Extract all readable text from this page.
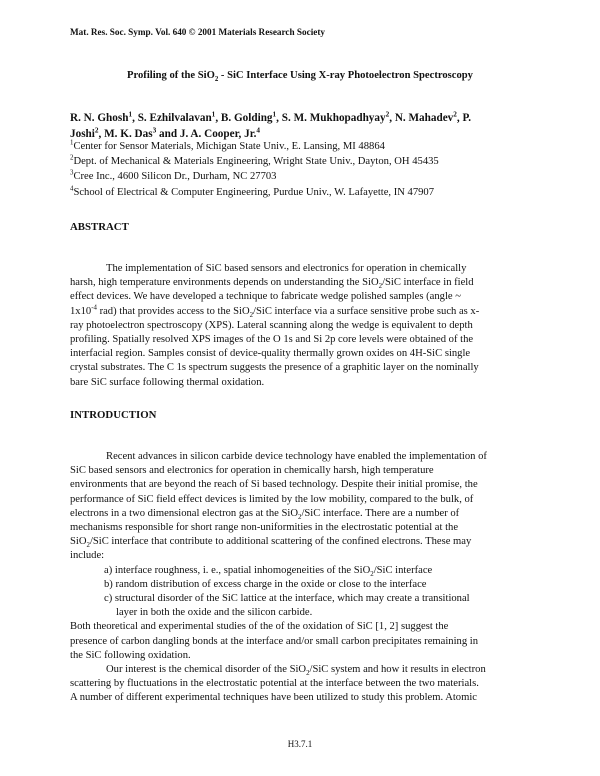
Mat. Res. Soc. Symp. Vol. 640 © 2001 Materials Research Society
Profiling of the SiO$_2$ - SiC Interface Using X-ray Photoelectron Spectroscopy
R. N. Ghosh$^1$, S. Ezhilvalavan$^1$, B. Golding$^1$, S. M. Mukhopadhyay$^2$, N. Mahadev$^2$, P.
Joshi$^2$, M. K. Das$^3$ and J. A. Cooper, Jr.$^4$
$^1$Center for Sensor Materials, Michigan State Univ., E. Lansing, MI 48864
$^2$Dept. of Mechanical & Materials Engineering, Wright State Univ., Dayton, OH 45435
$^3$Cree Inc., 4600 Silicon Dr., Durham, NC 27703
$^4$School of Electrical & Computer Engineering, Purdue Univ., W. Lafayette, IN 47907
ABSTRACT
The implementation of SiC based sensors and electronics for operation in chemically
harsh, high temperature environments depends on understanding the SiO$_2$/SiC interface in field
effect devices. We have developed a technique to fabricate wedge polished samples (angle ~
$1x10^{-4}$ rad) that provides access to the SiO$_2$/SiC interface via a surface sensitive probe such as x-
ray photoelectron spectroscopy (XPS). Lateral scanning along the wedge is equivalent to depth
profiling. Spatially resolved XPS images of the O 1s and Si 2p core levels were obtained of the
interfacial region. Samples consist of device-quality thermally grown oxides on 4H-SiC single
crystal substrates. The C 1s spectrum suggests the presence of a graphitic layer on the nominally
bare SiC surface following thermal oxidation.
INTRODUCTION
Recent advances in silicon carbide device technology have enabled the implementation of
SiC based sensors and electronics for operation in chemically harsh, high temperature
environments that are beyond the reach of Si based technology. Despite their initial promise, the
performance of SiC field effect devices is limited by the low mobility, compared to the bulk, of
electrons in a two dimensional electron gas at the SiO$_2$/SiC interface. There are a number of
mechanisms responsible for short range non-uniformities in the electrostatic potential at the
SiO$_2$/SiC interface that contribute to additional scattering of the confined electrons. These may
include:
a) interface roughness, i. e., spatial inhomogeneities of the SiO$_2$/SiC interface
b) random distribution of excess charge in the oxide or close to the interface
c) structural disorder of the SiC lattice at the interface, which may create a transitional
layer in both the oxide and the silicon carbide.
Both theoretical and experimental studies of the of the oxidation of SiC [1, 2] suggest the
presence of carbon dangling bonds at the interface and/or small carbon precipitates remaining in
the SiC following oxidation.
Our interest is the chemical disorder of the SiO$_2$/SiC system and how it results in electron
scattering by fluctuations in the electrostatic potential at the interface between the two materials.
A number of different experimental techniques have been utilized to study this problem. Atomic
H3.7.1
